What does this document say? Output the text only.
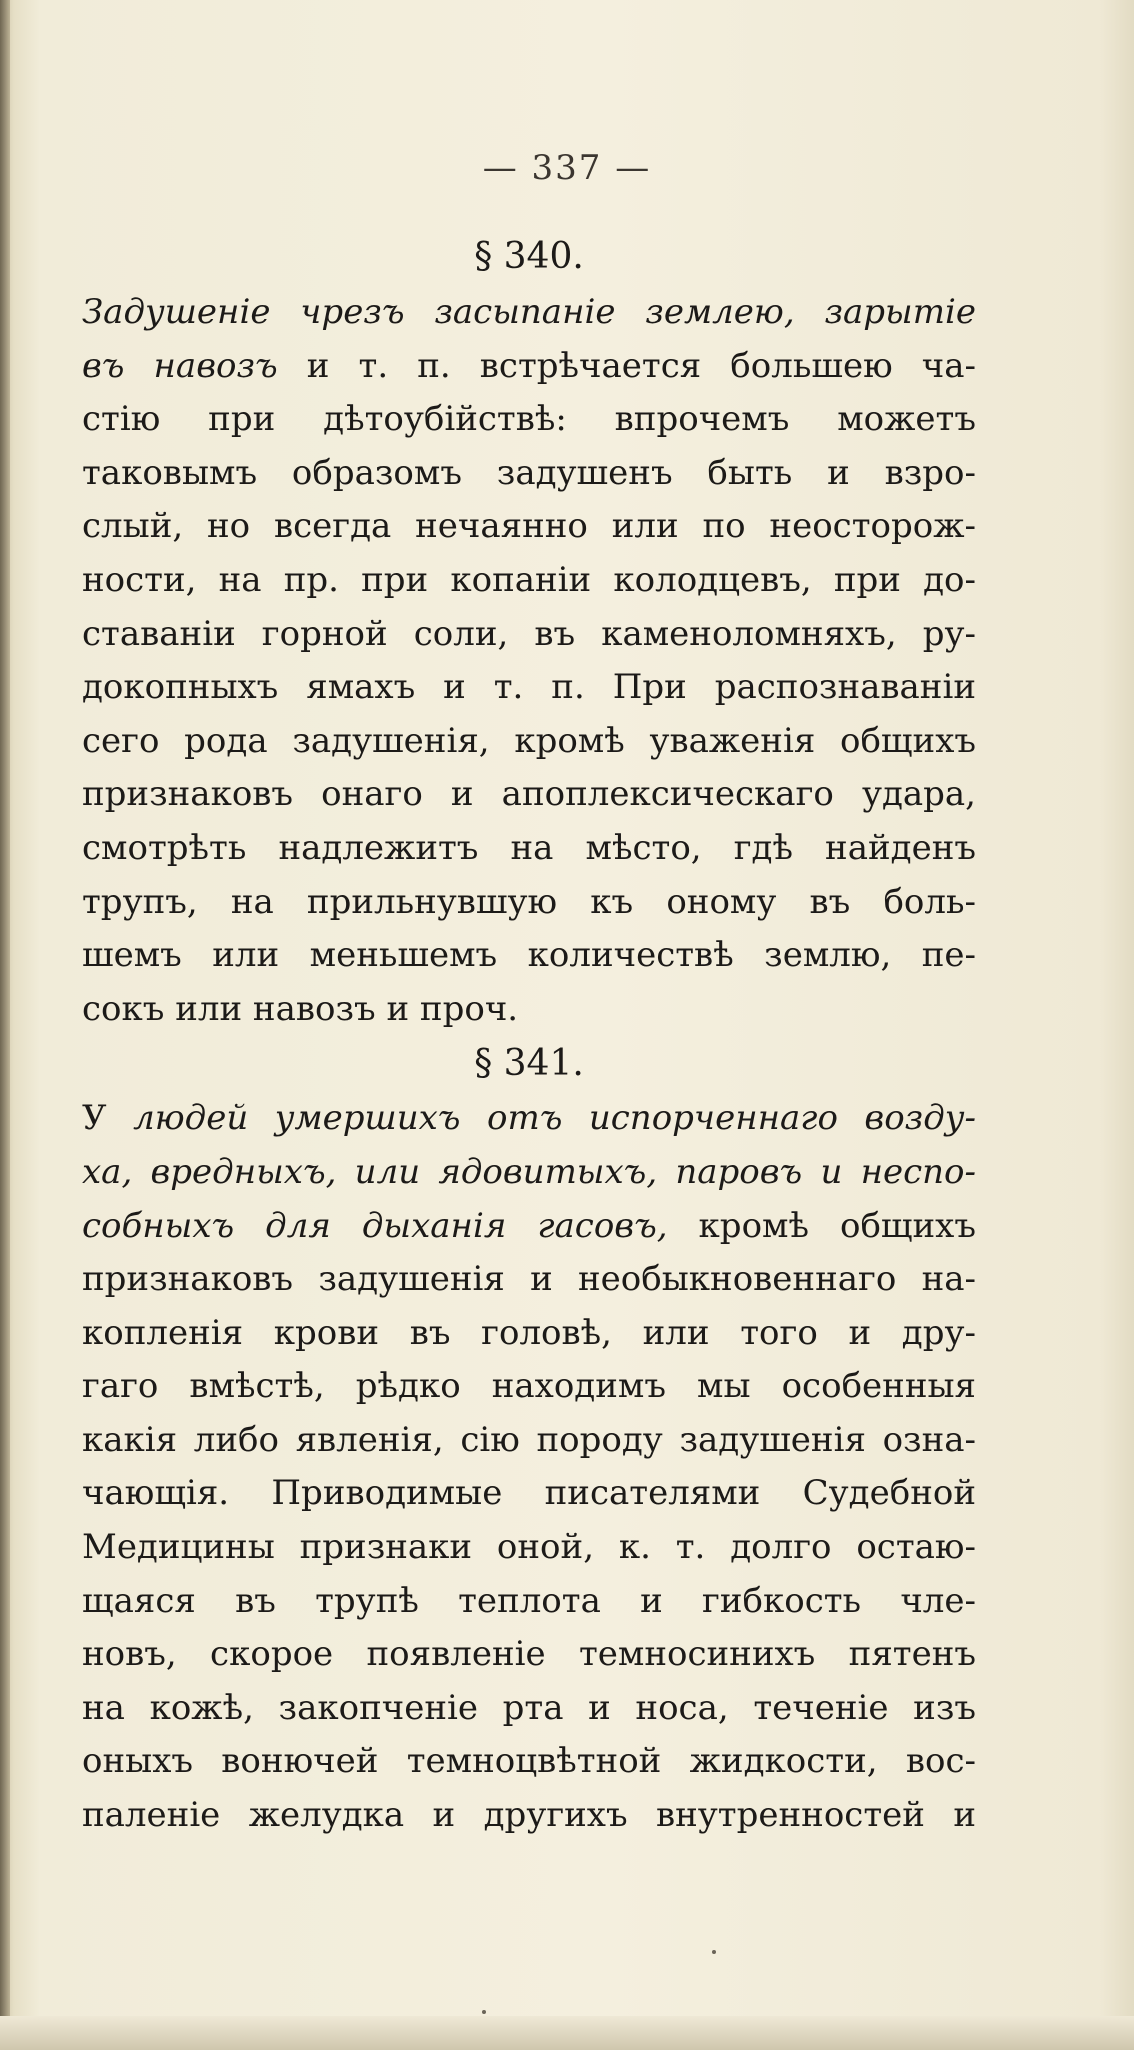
— 337 —
§ 340.
Задушеніе чрезъ засыпаніе землею, зарытіе
въ навозъ и т. п. встрѣчается большею ча-
стію при дѣтоубійствѣ: впрочемъ можетъ
таковымъ образомъ задушенъ быть и взро-
слый, но всегда нечаянно или по неосторож-
ности, на пр. при копаніи колодцевъ, при до-
ставаніи горной соли, въ каменоломняхъ, ру-
докопныхъ ямахъ и т. п. При распознаваніи
сего рода задушенія, кромѣ уваженія общихъ
признаковъ онаго и апоплексическаго удара,
смотрѣть надлежитъ на мѣсто, гдѣ найденъ
трупъ, на прильнувшую къ оному въ боль-
шемъ или меньшемъ количествѣ землю, пе-
сокъ или навозъ и проч.
§ 341.
У людей умершихъ отъ испорченнаго возду-
ха, вредныхъ, или ядовитыхъ, паровъ и неспо-
собныхъ для дыханія гасовъ, кромѣ общихъ
признаковъ задушенія и необыкновеннаго на-
копленія крови въ головѣ, или того и дру-
гаго вмѣстѣ, рѣдко находимъ мы особенныя
какія либо явленія, сію породу задушенія озна-
чающія. Приводимые писателями Судебной
Медицины признаки оной, к. т. долго остаю-
щаяся въ трупѣ теплота и гибкость чле-
новъ, скорое появленіе темносинихъ пятенъ
на кожѣ, закопченіе рта и носа, теченіе изъ
оныхъ вонючей темноцвѣтной жидкости, вос-
паленіе желудка и другихъ внутренностей и
